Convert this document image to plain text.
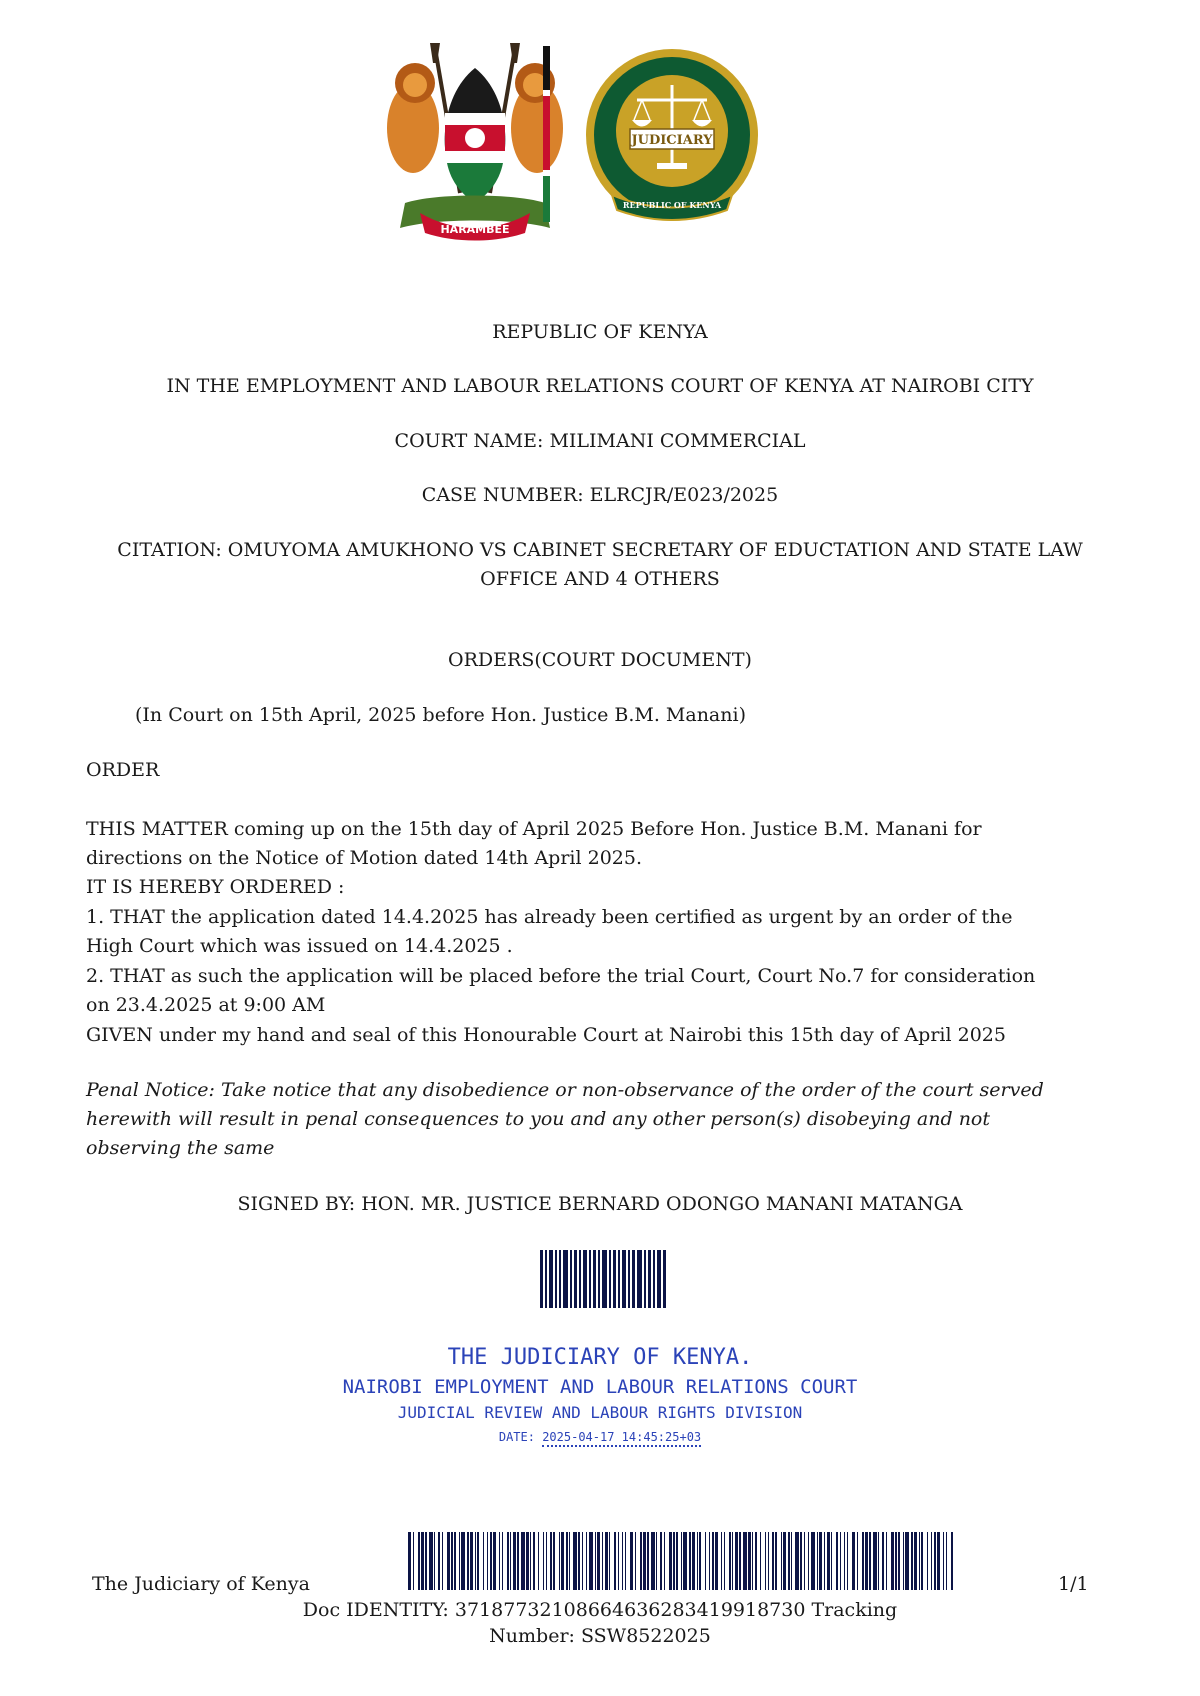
HARAMBEE
JUDICIARY
REPUBLIC OF KENYA
REPUBLIC OF KENYA
IN THE EMPLOYMENT AND LABOUR RELATIONS COURT OF KENYA AT NAIROBI CITY
COURT NAME: MILIMANI COMMERCIAL
CASE NUMBER: ELRCJR/E023/2025
CITATION: OMUYOMA AMUKHONO VS CABINET SECRETARY OF EDUCTATION AND STATE LAW
OFFICE AND 4 OTHERS
ORDERS(COURT DOCUMENT)
(In Court on 15th April, 2025 before Hon. Justice B.M. Manani)
ORDER
THIS MATTER coming up on the 15th day of April 2025 Before Hon. Justice B.M. Manani for
directions on the Notice of Motion dated 14th April 2025.
IT IS HEREBY ORDERED :
1. THAT the application dated 14.4.2025 has already been certified as urgent by an order of the
High Court which was issued on 14.4.2025 .
2. THAT as such the application will be placed before the trial Court, Court No.7 for consideration
on 23.4.2025 at 9:00 AM
GIVEN under my hand and seal of this Honourable Court at Nairobi this 15th day of April 2025
Penal Notice: Take notice that any disobedience or non-observance of the order of the court served
herewith will result in penal consequences to you and any other person(s) disobeying and not
observing the same
SIGNED BY: HON. MR. JUSTICE BERNARD ODONGO MANANI MATANGA
THE JUDICIARY OF KENYA.
NAIROBI EMPLOYMENT AND LABOUR RELATIONS COURT
JUDICIAL REVIEW AND LABOUR RIGHTS DIVISION
DATE: 2025-04-17 14:45:25+03
The Judiciary of Kenya	1/1
Doc IDENTITY: 37187732108664636283419918730 Tracking
Number: SSW8522025
